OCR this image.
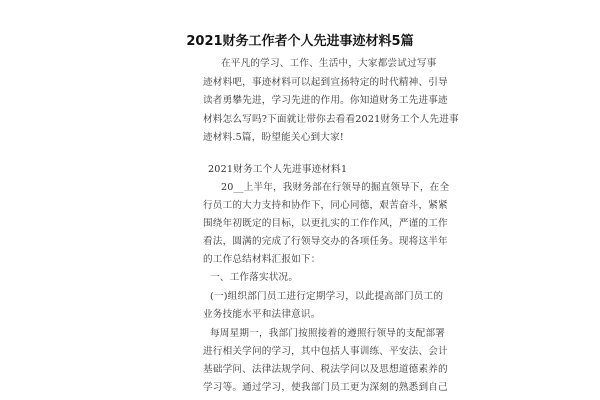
2021财务工作者个人先进事迹材料5篇
在平凡的学习、工作、生活中，大家都尝试过写事
迹材料吧，事迹材料可以起到宣扬特定的时代精神、引导
读者勇攀先进，学习先进的作用。你知道财务工先进事迹
材料怎么写吗?下面就让带你去看看2021财务工个人先进事
迹材料.5篇，盼望能关心到大家!
2021财务工个人先进事迹材料1
20__上半年，我财务部在行领导的掘直领导下，在全
行员工的大力支持和协作下，同心同德，艰苦奋斗，紧紧
围绕年初既定的目标，以更扎实的工作作风，严谨的工作
看法，圆满的完成了行领导交办的各项任务。现将这半年
的工作总结材料汇报如下：
一、工作落实状况。
(一)组织部门员工进行定期学习，以此提高部门员工的
业务技能水平和法律意识。
每周星期一，我部门按照接着的遵照行领导的支配部署
进行相关学问的学习，其中包括人事训练、平安法、会计
基础学问、法律法规学问、税法学问以及思想道德素养的
学习等。通过学习，使我部门员工更为深刻的熟悉到自己
